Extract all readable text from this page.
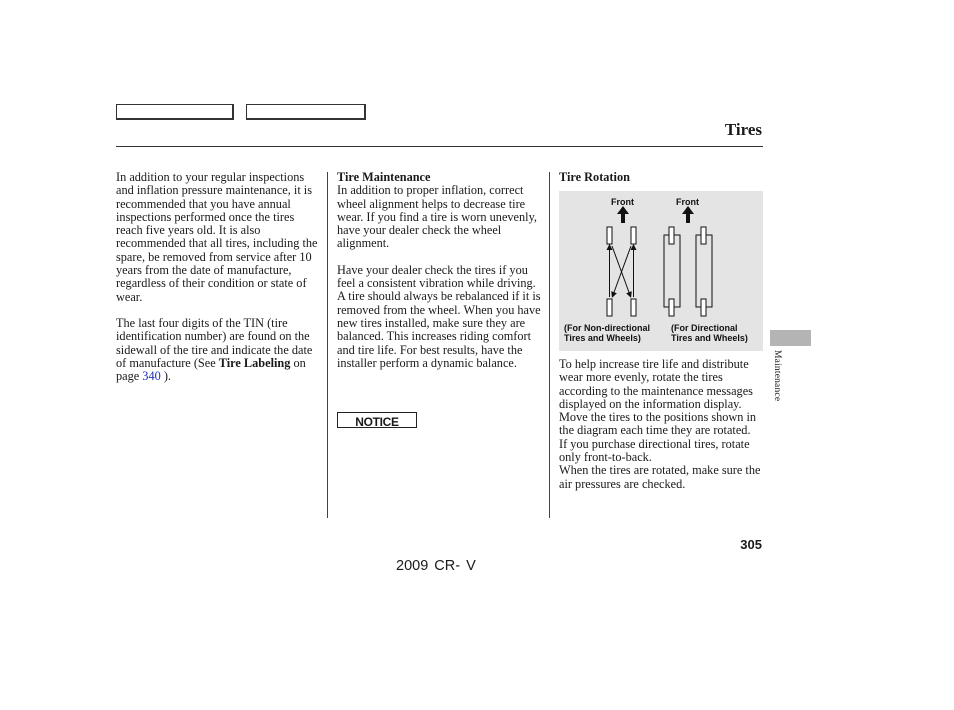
Tires

In addition to your regular inspections and inflation pressure maintenance, it is recommended that you have annual inspections performed once the tires reach five years old. It is also recommended that all tires, including the spare, be removed from service after 10 years from the date of manufacture, regardless of their condition or state of wear.

The last four digits of the TIN (tire identification number) are found on the sidewall of the tire and indicate the date of manufacture (See Tire Labeling on page 340 ).

Tire Maintenance

In addition to proper inflation, correct wheel alignment helps to decrease tire wear. If you find a tire is worn unevenly, have your dealer check the wheel alignment.

Have your dealer check the tires if you feel a consistent vibration while driving. A tire should always be rebalanced if it is removed from the wheel. When you have new tires installed, make sure they are balanced. This increases riding comfort and tire life. For best results, have the installer perform a dynamic balance.

NOTICE
Tire Rotation
Front	Front
(For Non-directional
Tires and Wheels)
(For Directional
Tires and Wheels)

To help increase tire life and distribute wear more evenly, rotate the tires according to the maintenance messages displayed on the information display. Move the tires to the positions shown in the diagram each time they are rotated.

If you purchase directional tires, rotate only front-to-back.

When the tires are rotated, make sure the air pressures are checked.

Maintenance
305
2009 CR- V
